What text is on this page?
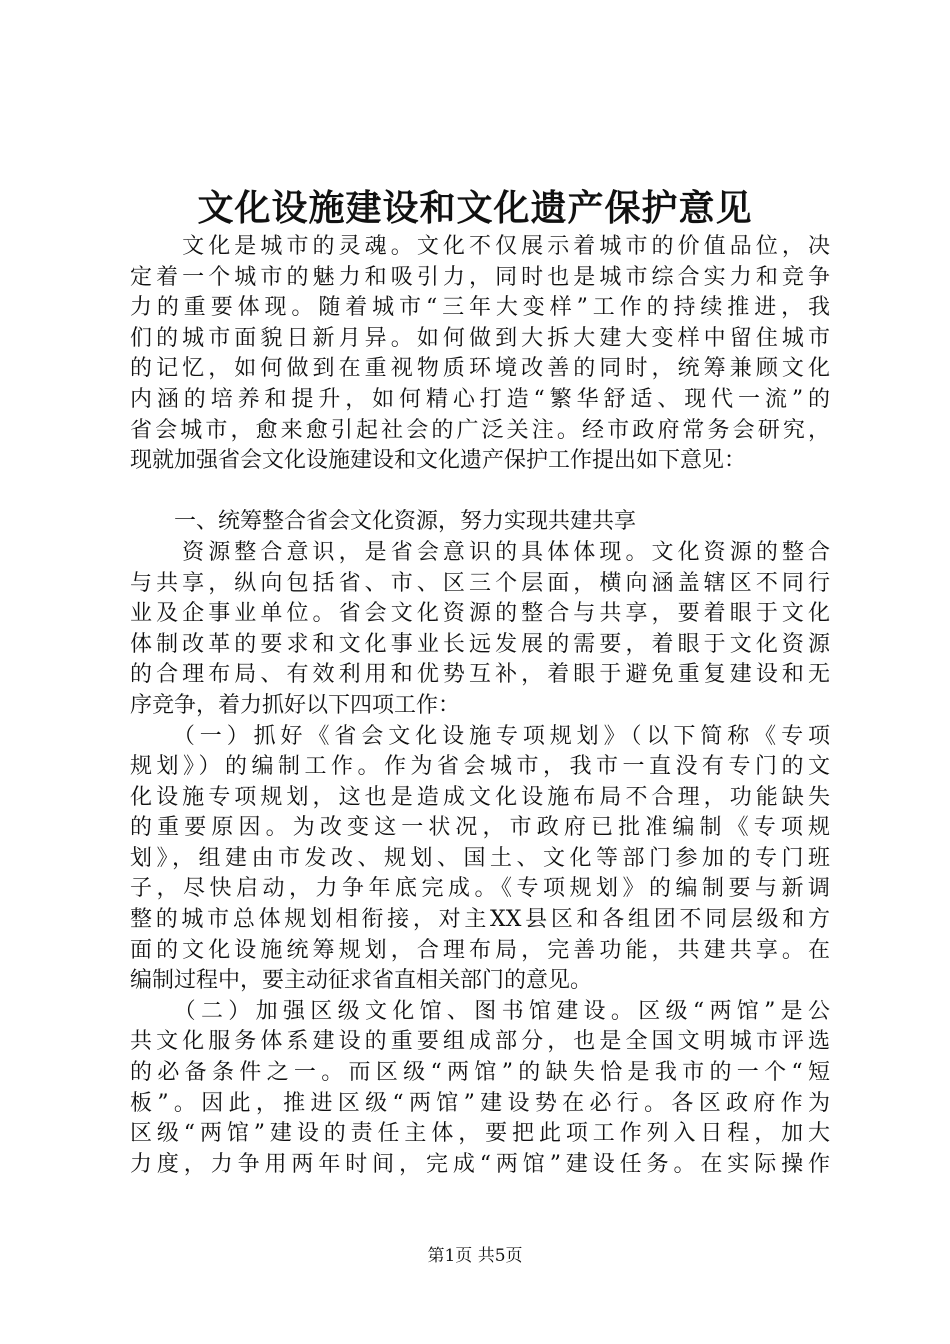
文化设施建设和文化遗产保护意见
　　文化是城市的灵魂。文化不仅展示着城市的价值品位，决
定着一个城市的魅力和吸引力，同时也是城市综合实力和竞争
力的重要体现。随着城市“三年大变样”工作的持续推进，我
们的城市面貌日新月异。如何做到大拆大建大变样中留住城市
的记忆，如何做到在重视物质环境改善的同时，统筹兼顾文化
内涵的培养和提升，如何精心打造“繁华舒适、现代一流”的
省会城市，愈来愈引起社会的广泛关注。经市政府常务会研究，
现就加强省会文化设施建设和文化遗产保护工作提出如下意见：
　　一、统筹整合省会文化资源，努力实现共建共享
　　资源整合意识，是省会意识的具体体现。文化资源的整合
与共享，纵向包括省、市、区三个层面，横向涵盖辖区不同行
业及企事业单位。省会文化资源的整合与共享，要着眼于文化
体制改革的要求和文化事业长远发展的需要，着眼于文化资源
的合理布局、有效利用和优势互补，着眼于避免重复建设和无
序竞争，着力抓好以下四项工作：
　　（一）抓好《省会文化设施专项规划》（以下简称《专项
规划》）的编制工作。作为省会城市，我市一直没有专门的文
化设施专项规划，这也是造成文化设施布局不合理，功能缺失
的重要原因。为改变这一状况，市政府已批准编制《专项规
划》，组建由市发改、规划、国土、文化等部门参加的专门班
子，尽快启动，力争年底完成。《专项规划》的编制要与新调
整的城市总体规划相衔接，对主XX县区和各组团不同层级和方
面的文化设施统筹规划，合理布局，完善功能，共建共享。在
编制过程中，要主动征求省直相关部门的意见。
　　（二）加强区级文化馆、图书馆建设。区级“两馆”是公
共文化服务体系建设的重要组成部分，也是全国文明城市评选
的必备条件之一。而区级“两馆”的缺失恰是我市的一个“短
板”。因此，推进区级“两馆”建设势在必行。各区政府作为
区级“两馆”建设的责任主体，要把此项工作列入日程，加大
力度，力争用两年时间，完成“两馆”建设任务。在实际操作
第1页 共5页
